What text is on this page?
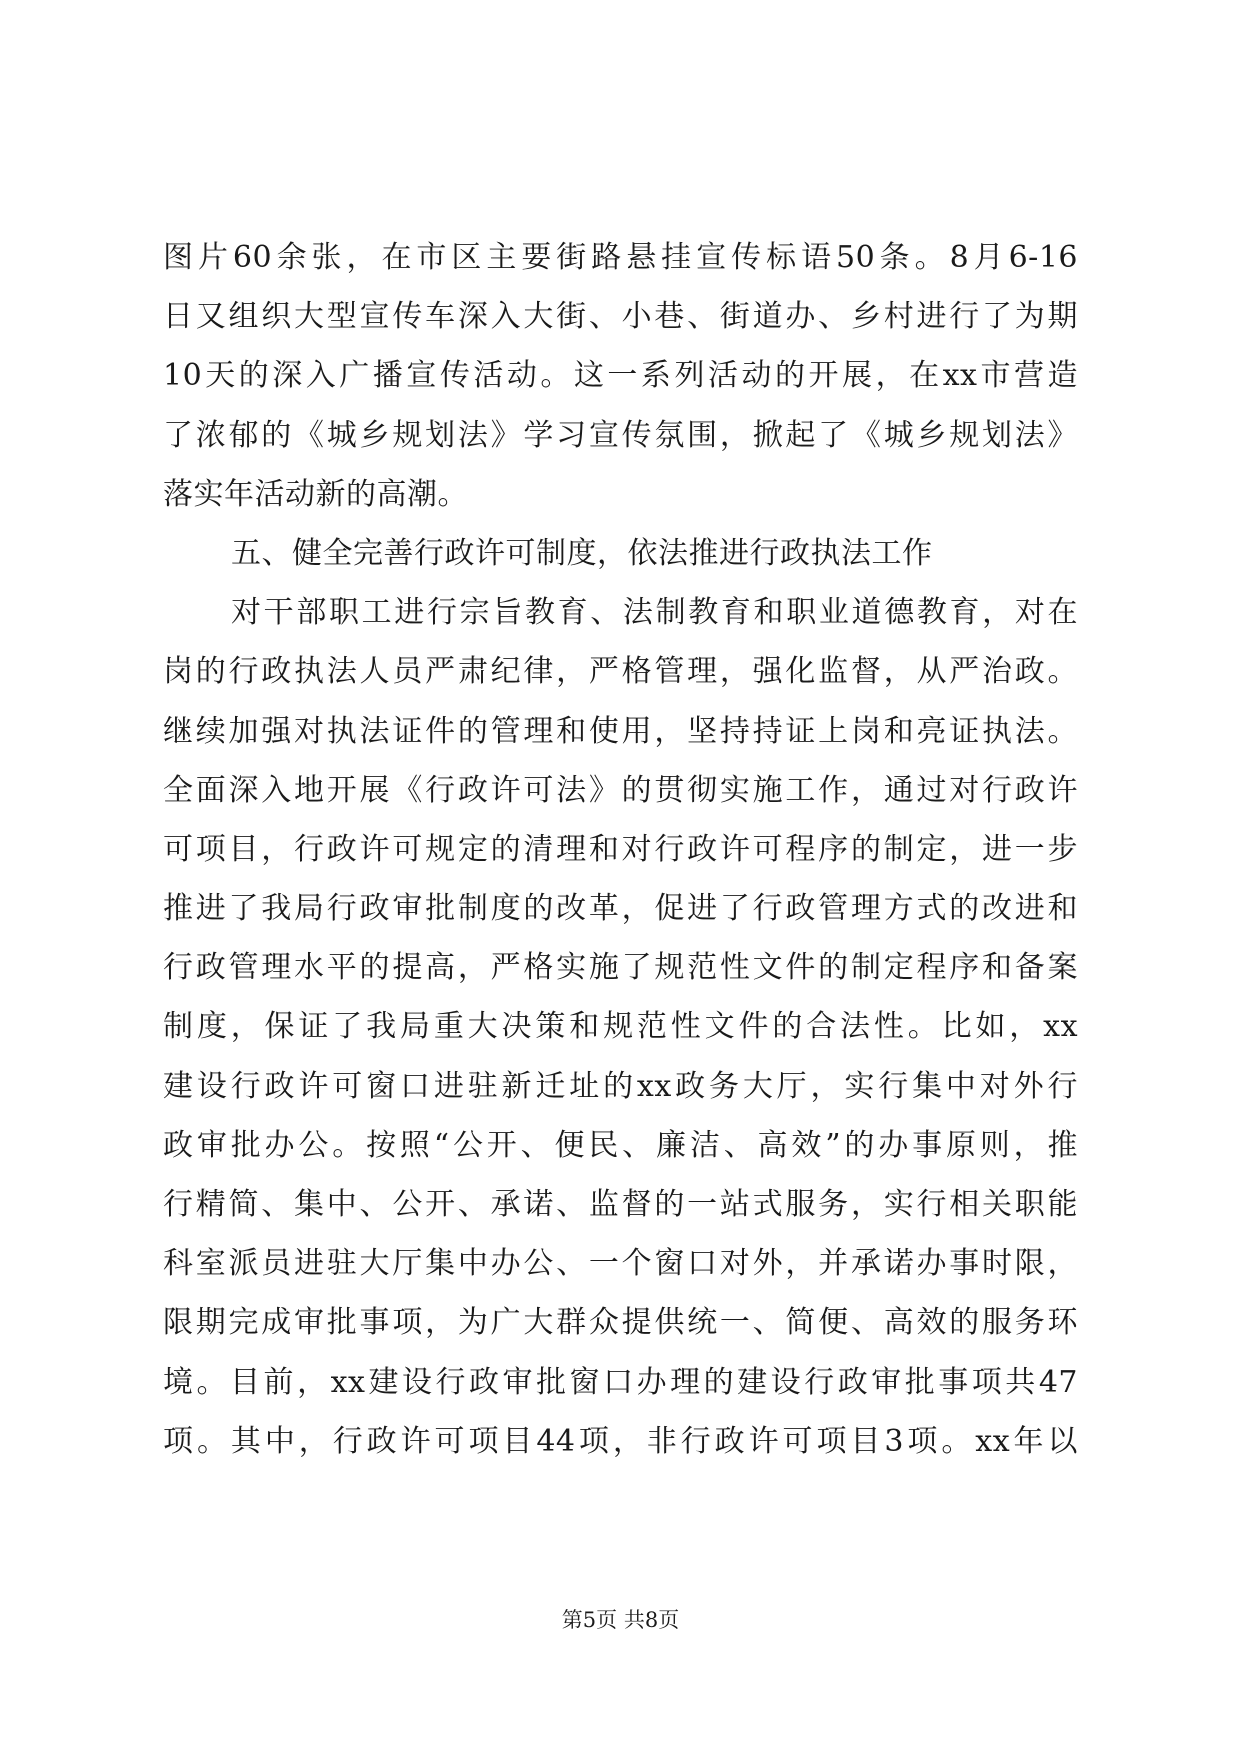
图片60余张，在市区主要街路悬挂宣传标语50条。8月6-16
日又组织大型宣传车深入大街、小巷、街道办、乡村进行了为期
10天的深入广播宣传活动。这一系列活动的开展，在xx市营造
了浓郁的《城乡规划法》学习宣传氛围，掀起了《城乡规划法》
落实年活动新的高潮。
五、健全完善行政许可制度，依法推进行政执法工作
对干部职工进行宗旨教育、法制教育和职业道德教育，对在
岗的行政执法人员严肃纪律，严格管理，强化监督，从严治政。
继续加强对执法证件的管理和使用，坚持持证上岗和亮证执法。
全面深入地开展《行政许可法》的贯彻实施工作，通过对行政许
可项目，行政许可规定的清理和对行政许可程序的制定，进一步
推进了我局行政审批制度的改革，促进了行政管理方式的改进和
行政管理水平的提高，严格实施了规范性文件的制定程序和备案
制度，保证了我局重大决策和规范性文件的合法性。比如，xx
建设行政许可窗口进驻新迁址的xx政务大厅，实行集中对外行
政审批办公。按照“公开、便民、廉洁、高效”的办事原则，推
行精简、集中、公开、承诺、监督的一站式服务，实行相关职能
科室派员进驻大厅集中办公、一个窗口对外，并承诺办事时限，
限期完成审批事项，为广大群众提供统一、简便、高效的服务环
境。目前，xx建设行政审批窗口办理的建设行政审批事项共47
项。其中，行政许可项目44项，非行政许可项目3项。xx年以
第5页 共8页
